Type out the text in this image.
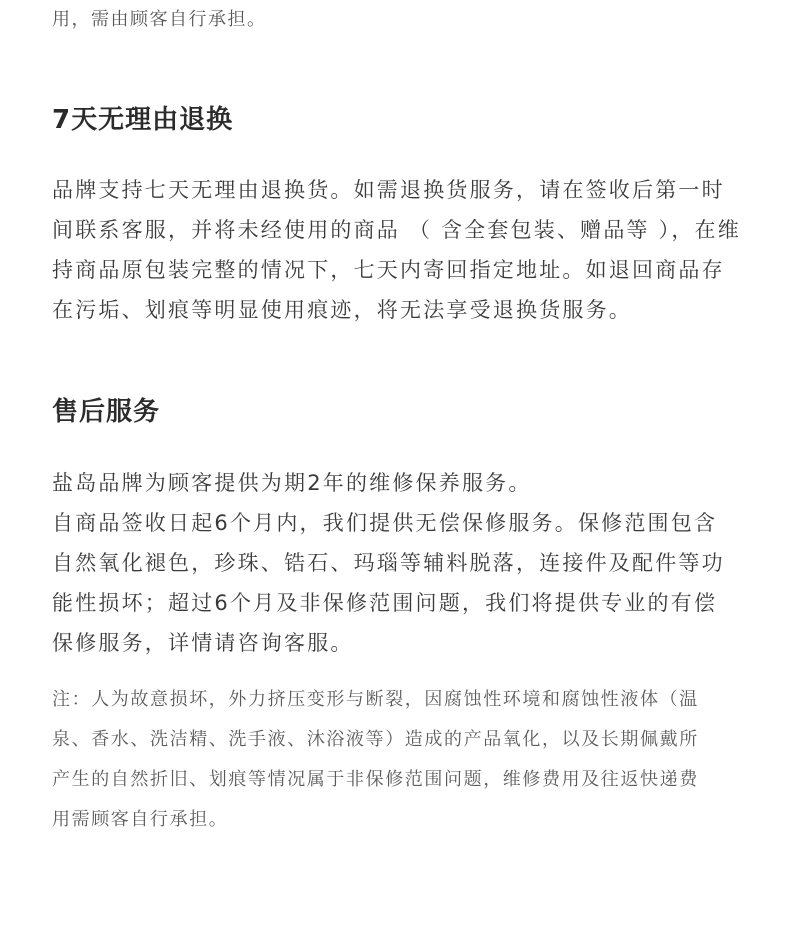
用，需由顾客自行承担。
7天无理由退换
品牌支持七天无理由退换货。如需退换货服务，请在签收后第一时
间联系客服，并将未经使用的商品 （ 含全套包装、赠品等 ），在维
持商品原包装完整的情况下，七天内寄回指定地址。如退回商品存
在污垢、划痕等明显使用痕迹，将无法享受退换货服务。
售后服务
盐岛品牌为顾客提供为期2年的维修保养服务。
自商品签收日起6个月内，我们提供无偿保修服务。保修范围包含
自然氧化褪色，珍珠、锆石、玛瑙等辅料脱落，连接件及配件等功
能性损坏；超过6个月及非保修范围问题，我们将提供专业的有偿
保修服务，详情请咨询客服。
注：人为故意损坏，外力挤压变形与断裂，因腐蚀性环境和腐蚀性液体（温
泉、香水、洗洁精、洗手液、沐浴液等）造成的产品氧化，以及长期佩戴所
产生的自然折旧、划痕等情况属于非保修范围问题，维修费用及往返快递费
用需顾客自行承担。
